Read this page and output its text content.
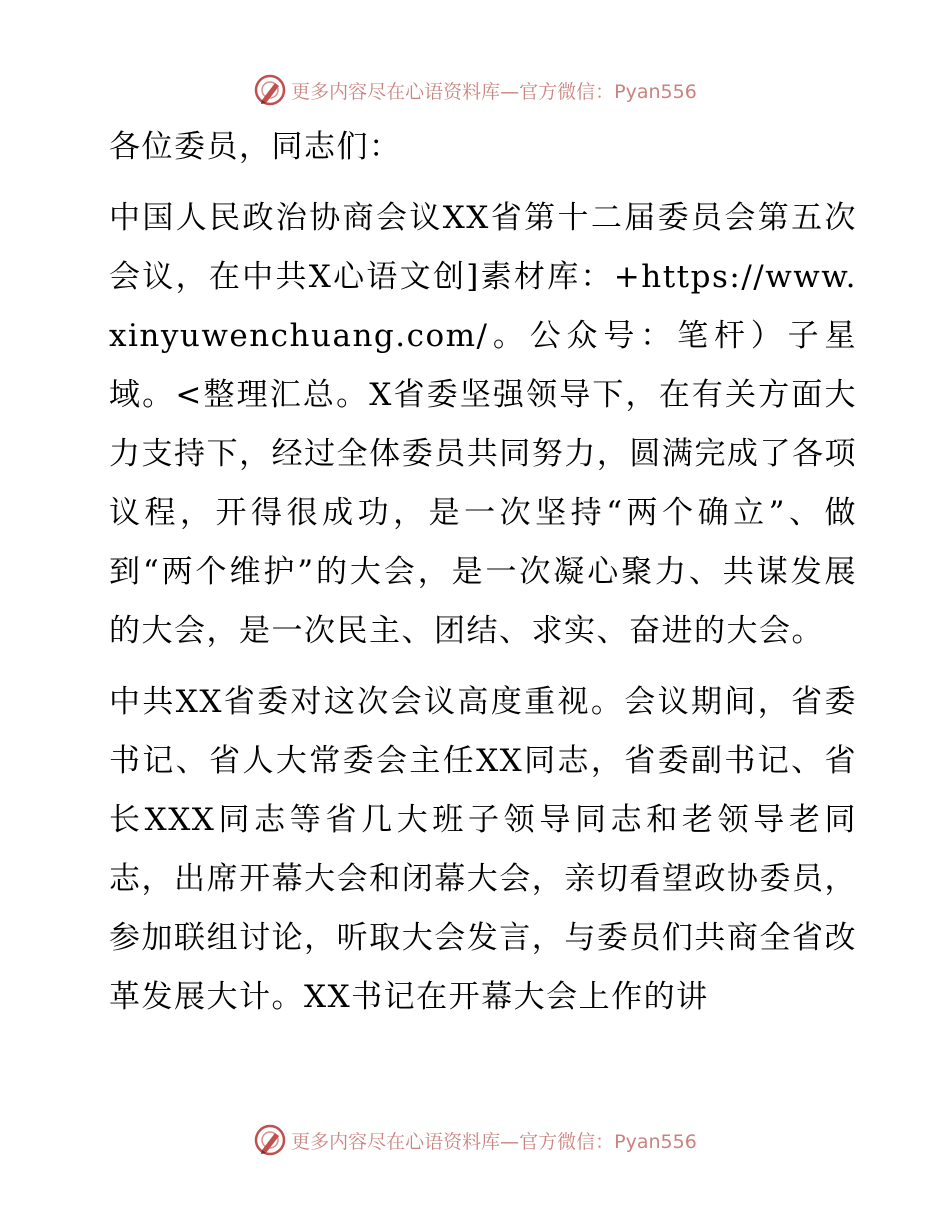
更多内容尽在心语资料库—官方微信：Pyan556

各位委员，同志们：

中国人民政治协商会议XX省第十二届委员会第五次会议，在中共X心语文创]素材库：+https://www.xinyuwenchuang.com/。公众号：笔杆）子星域。<整理汇总。X省委坚强领导下，在有关方面大力支持下，经过全体委员共同努力，圆满完成了各项议程，开得很成功，是一次坚持“两个确立”、做到“两个维护”的大会，是一次凝心聚力、共谋发展的大会，是一次民主、团结、求实、奋进的大会。

中共XX省委对这次会议高度重视。会议期间，省委书记、省人大常委会主任XX同志，省委副书记、省长XXX同志等省几大班子领导同志和老领导老同志，出席开幕大会和闭幕大会，亲切看望政协委员，参加联组讨论，听取大会发言，与委员们共商全省改革发展大计。XX书记在开幕大会上作的讲

更多内容尽在心语资料库—官方微信：Pyan556
